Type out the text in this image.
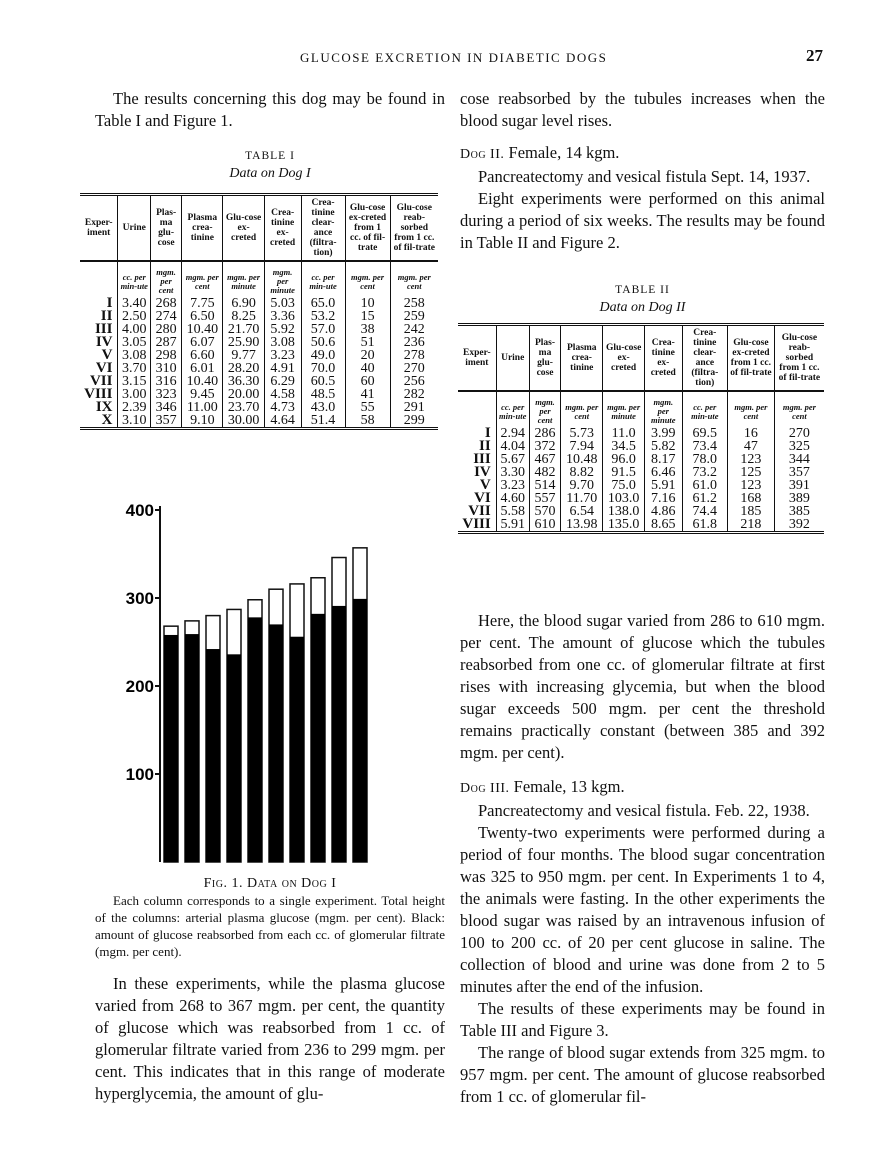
GLUCOSE EXCRETION IN DIABETIC DOGS	27

The results concerning this dog may be found in Table I and Figure 1.

TABLE I
Data on Dog I
Exper-iment	Urine	Plas-ma glu-cose	Plasma crea-tinine	Glu-cose ex-creted	Crea-tinine ex-creted	Crea-tinine clear-ance (filtra-tion)	Glu-cose ex-creted from 1 cc. of fil-trate	Glu-cose reab-sorbed from 1 cc. of fil-trate
	cc. per min-ute	mgm. per cent	mgm. per cent	mgm. per minute	mgm. per minute	cc. per min-ute	mgm. per cent	mgm. per cent
I	3.40	268	7.75	6.90	5.03	65.0	10	258
II	2.50	274	6.50	8.25	3.36	53.2	15	259
III	4.00	280	10.40	21.70	5.92	57.0	38	242
IV	3.05	287	6.07	25.90	3.08	50.6	51	236
V	3.08	298	6.60	9.77	3.23	49.0	20	278
VI	3.70	310	6.01	28.20	4.91	70.0	40	270
VII	3.15	316	10.40	36.30	6.29	60.5	60	256
VIII	3.00	323	9.45	20.00	4.58	48.5	41	282
IX	2.39	346	11.00	23.70	4.73	43.0	55	291
X	3.10	357	9.10	30.00	4.64	51.4	58	299
100
200
300
400
Fig. 1. Data on Dog I
Each column corresponds to a single experiment. Total height of the columns: arterial plasma glucose (mgm. per cent). Black: amount of glucose reabsorbed from each cc. of glomerular filtrate (mgm. per cent).

In these experiments, while the plasma glucose varied from 268 to 367 mgm. per cent, the quantity of glucose which was reabsorbed from 1 cc. of glomerular filtrate varied from 236 to 299 mgm. per cent. This indicates that in this range of moderate hyperglycemia, the amount of glu-

cose reabsorbed by the tubules increases when the blood sugar level rises.

Dog II. Female, 14 kgm.

Pancreatectomy and vesical fistula Sept. 14, 1937.

Eight experiments were performed on this animal during a period of six weeks. The results may be found in Table II and Figure 2.

TABLE II
Data on Dog II
Exper-iment	Urine	Plas-ma glu-cose	Plasma crea-tinine	Glu-cose ex-creted	Crea-tinine ex-creted	Crea-tinine clear-ance (filtra-tion)	Glu-cose ex-creted from 1 cc. of fil-trate	Glu-cose reab-sorbed from 1 cc. of fil-trate
	cc. per min-ute	mgm. per cent	mgm. per cent	mgm. per minute	mgm. per minute	cc. per min-ute	mgm. per cent	mgm. per cent
I	2.94	286	5.73	11.0	3.99	69.5	16	270
II	4.04	372	7.94	34.5	5.82	73.4	47	325
III	5.67	467	10.48	96.0	8.17	78.0	123	344
IV	3.30	482	8.82	91.5	6.46	73.2	125	357
V	3.23	514	9.70	75.0	5.91	61.0	123	391
VI	4.60	557	11.70	103.0	7.16	61.2	168	389
VII	5.58	570	6.54	138.0	4.86	74.4	185	385
VIII	5.91	610	13.98	135.0	8.65	61.8	218	392

Here, the blood sugar varied from 286 to 610 mgm. per cent. The amount of glucose which the tubules reabsorbed from one cc. of glomerular filtrate at first rises with increasing glycemia, but when the blood sugar exceeds 500 mgm. per cent the threshold remains practically constant (between 385 and 392 mgm. per cent).

Dog III. Female, 13 kgm.

Pancreatectomy and vesical fistula. Feb. 22, 1938.

Twenty-two experiments were performed during a period of four months. The blood sugar concentration was 325 to 950 mgm. per cent. In Experiments 1 to 4, the animals were fasting. In the other experiments the blood sugar was raised by an intravenous infusion of 100 to 200 cc. of 20 per cent glucose in saline. The collection of blood and urine was done from 2 to 5 minutes after the end of the infusion.

The results of these experiments may be found in Table III and Figure 3.

The range of blood sugar extends from 325 mgm. to 957 mgm. per cent. The amount of glucose reabsorbed from 1 cc. of glomerular fil-
